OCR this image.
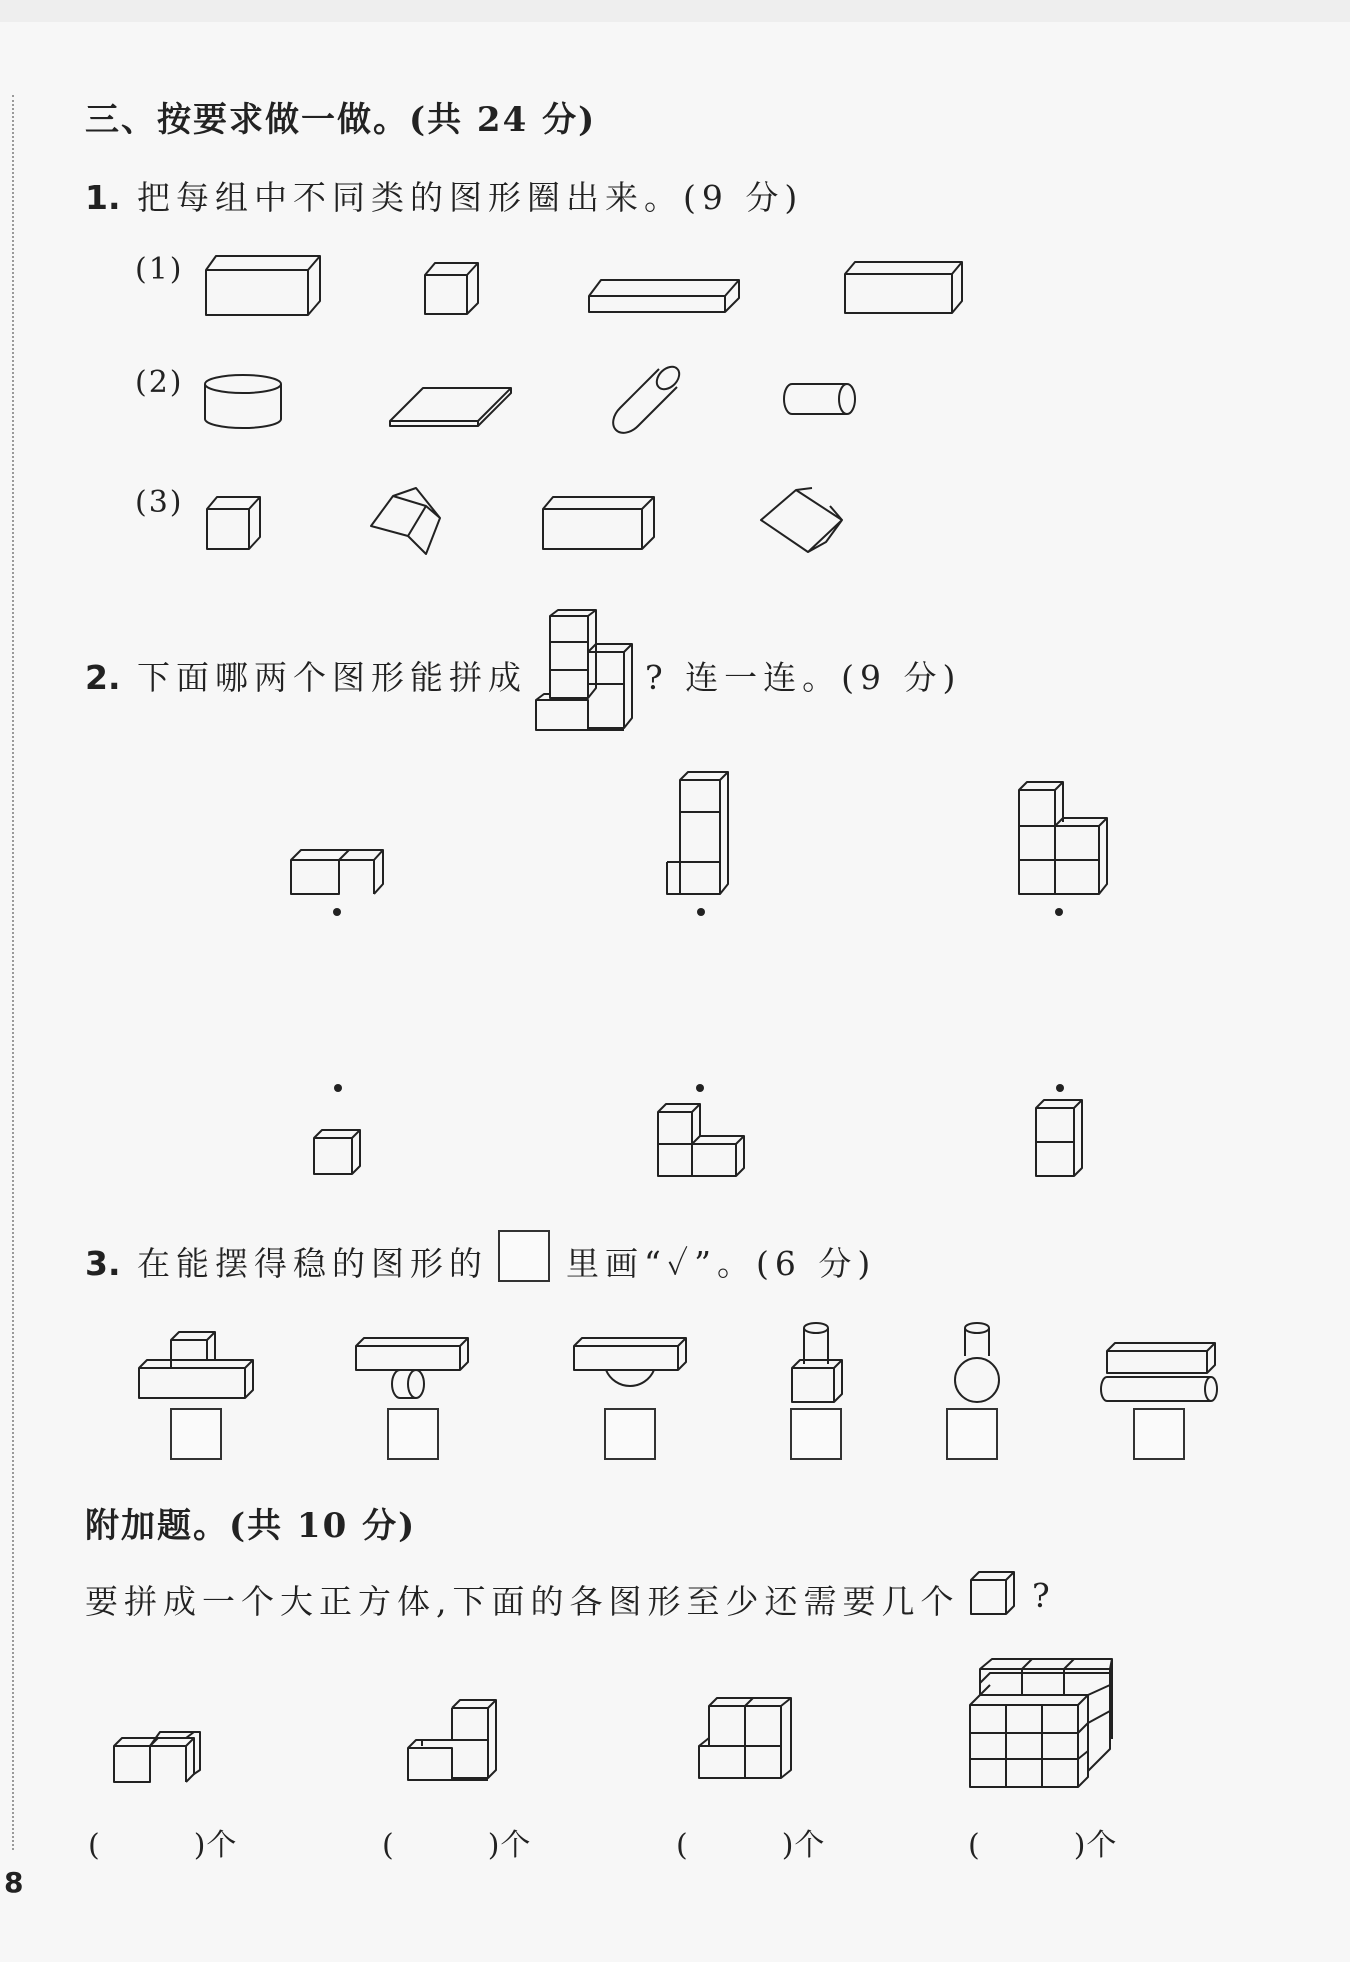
三、按要求做一做。(共 24 分)
1. 把每组中不同类的图形圈出来。(9 分)
(1)
(2)
(3)
2. 下面哪两个图形能拼成	? 连一连。(9 分)
3. 在能摆得稳的图形的 里画“✓”。(6 分)
附加题。(共 10 分)
要拼成一个大正方体,下面的各图形至少还需要几个 ?
(　　　)个	(　　　)个	(　　　)个	(　　　)个
8
